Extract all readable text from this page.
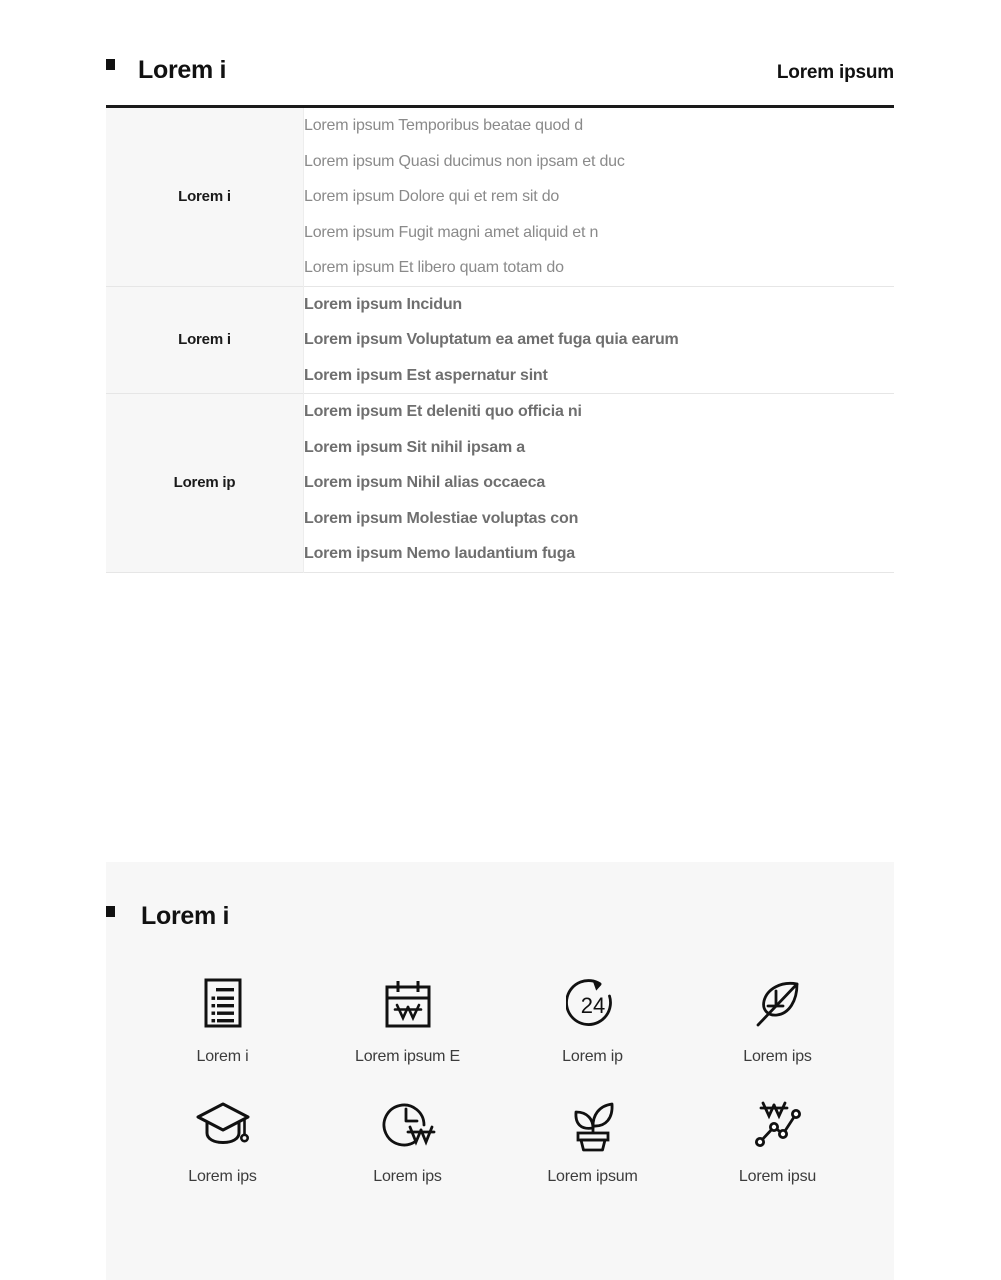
Lorem i	Lorem ipsum
Lorem i	Lorem ipsum Temporibus beatae quod d
Lorem ipsum Quasi ducimus non ipsam et duc
Lorem ipsum Dolore qui et rem sit do
Lorem ipsum Fugit magni amet aliquid et n
Lorem ipsum Et libero quam totam do

Lorem i	Lorem ipsum Incidun
Lorem ipsum Voluptatum ea amet fuga quia earum
Lorem ipsum Est aspernatur sint

Lorem ip	Lorem ipsum Et deleniti quo officia ni
Lorem ipsum Sit nihil ipsam a
Lorem ipsum Nihil alias occaeca
Lorem ipsum Molestiae voluptas con
Lorem ipsum Nemo laudantium fuga
Lorem i
Lorem i	Lorem ipsum E
24
Lorem ip	Lorem ips
Lorem ips	Lorem ips	Lorem ipsum	Lorem ipsu
